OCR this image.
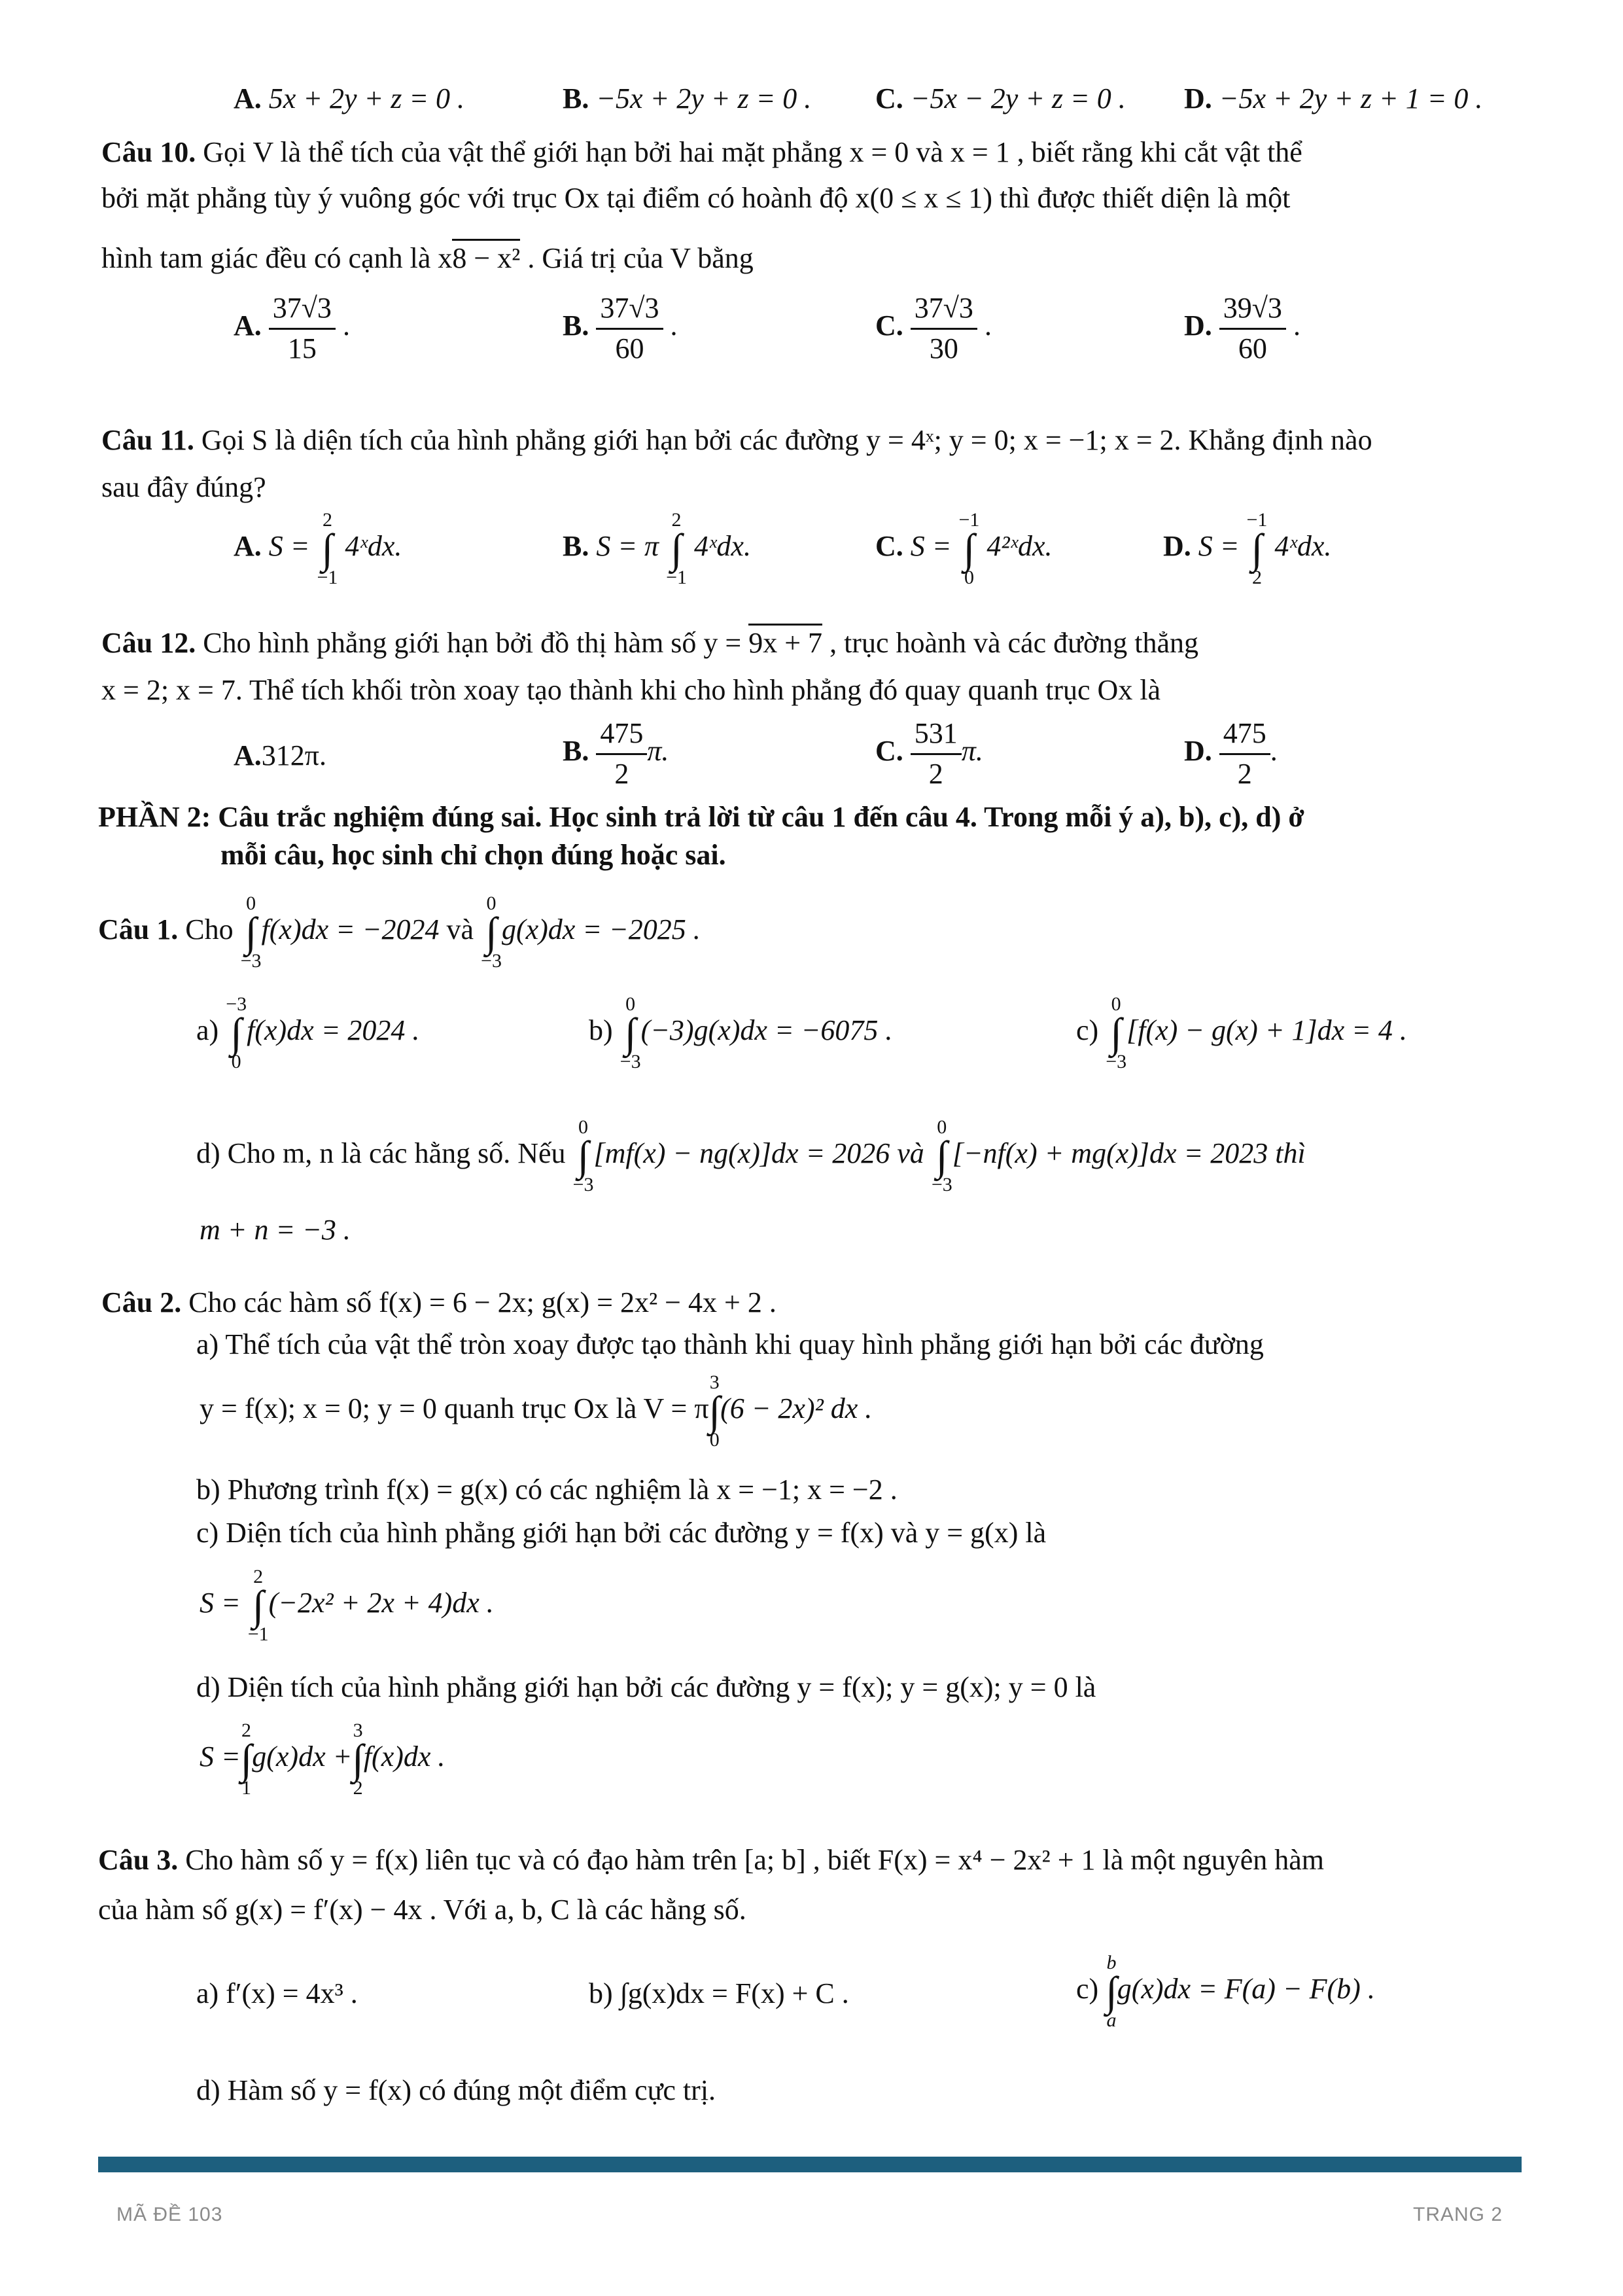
A. 5x + 2y + z = 0 .	B. −5x + 2y + z = 0 . C. −5x − 2y + z = 0 . D. −5x + 2y + z + 1 = 0 .
Câu 10. Gọi V là thể tích của vật thể giới hạn bởi hai mặt phẳng x = 0 và x = 1 , biết rằng khi cắt vật thể
bởi mặt phẳng tùy ý vuông góc với trục Ox tại điểm có hoành độ x(0 ≤ x ≤ 1) thì được thiết diện là một
hình tam giác đều có cạnh là x8 − x² . Giá trị của V bằng
A. $\frac{37√3}{15}$ .	B. $\frac{37√3}{60}$ .	C. $\frac{37√3}{30}$ .	D. $\frac{39√3}{60}$ .
Câu 11. Gọi S là diện tích của hình phẳng giới hạn bởi các đường y = 4ˣ; y = 0; x = −1; x = 2. Khẳng định nào
sau đây đúng?
A. S =
2
∫
−1
4ˣdx.	B. S = π
2
∫
−1
4ˣdx.	C. S =
−1
∫
0
4²ˣdx.	D. S =
−1
∫
2
4ˣdx.
Câu 12. Cho hình phẳng giới hạn bởi đồ thị hàm số y = 9x + 7 , trục hoành và các đường thẳng
x = 2; x = 7. Thể tích khối tròn xoay tạo thành khi cho hình phẳng đó quay quanh trục Ox là
A.312π.	B. $\frac{475}{2} \pi$.	C. $\frac{531}{2} \pi$.	D. $\frac{475}{2}$ .
PHẦN 2: Câu trắc nghiệm đúng sai. Học sinh trả lời từ câu 1 đến câu 4. Trong mỗi ý a), b), c), d) ở
mỗi câu, học sinh chỉ chọn đúng hoặc sai.
Câu 1. Cho
0
∫
−3
f(x)dx = −2024 và
0
∫
−3
g(x)dx = −2025 .
a)
−3
∫
0
f(x)dx = 2024 .	b)
0
∫
−3
(−3)g(x)dx = −6075 .	c)
0
∫
−3
[f(x) − g(x) + 1]dx = 4 .
d) Cho m, n là các hằng số. Nếu
0
∫
−3
[mf(x) − ng(x)]dx = 2026 và
0
∫
−3
[−nf(x) + mg(x)]dx = 2023 thì
m + n = −3 .
Câu 2. Cho các hàm số f(x) = 6 − 2x; g(x) = 2x² − 4x + 2 .
a) Thể tích của vật thể tròn xoay được tạo thành khi quay hình phẳng giới hạn bởi các đường
y = f(x); x = 0; y = 0 quanh trục Ox là V = π
3
∫
0
(6 − 2x)² dx .
b) Phương trình f(x) = g(x) có các nghiệm là x = −1; x = −2 .
c) Diện tích của hình phẳng giới hạn bởi các đường y = f(x) và y = g(x) là
S =
2
∫
−1
(−2x² + 2x + 4)dx .
d) Diện tích của hình phẳng giới hạn bởi các đường y = f(x); y = g(x); y = 0 là
S =
2
∫
1
g(x)dx +
3
∫
2
f(x)dx .
Câu 3. Cho hàm số y = f(x) liên tục và có đạo hàm trên [a; b] , biết F(x) = x⁴ − 2x² + 1 là một nguyên hàm
của hàm số g(x) = f′(x) − 4x . Với a, b, C là các hằng số.
a) f′(x) = 4x³ .	b) ∫g(x)dx = F(x) + C .	c)
b
∫
a
g(x)dx = F(a) − F(b) .
d) Hàm số y = f(x) có đúng một điểm cực trị.
MÃ ĐỀ 103	TRANG 2
